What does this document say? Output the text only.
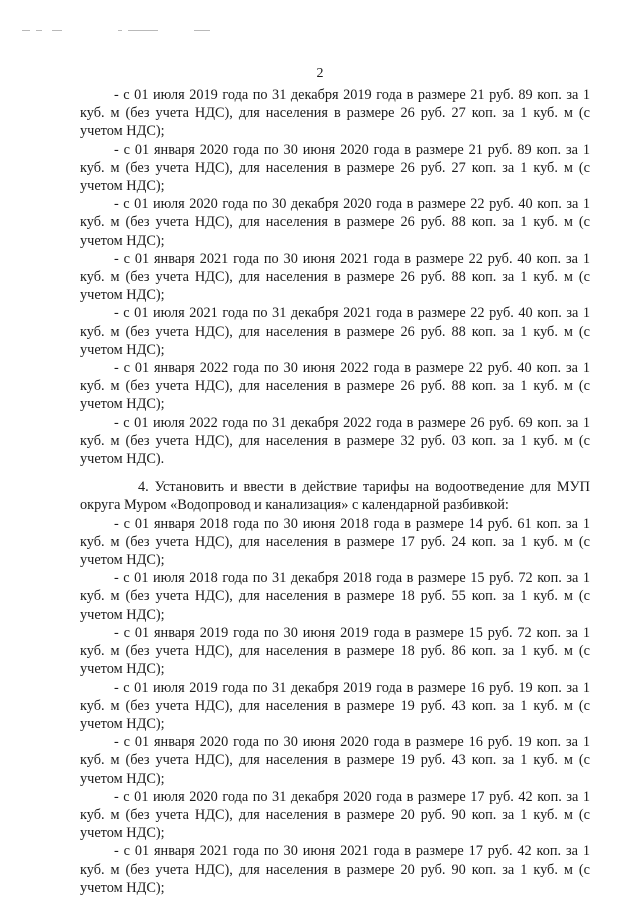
2

- с 01 июля 2019 года по 31 декабря 2019 года в размере 21 руб. 89 коп. за 1 куб. м (без учета НДС), для населения в размере 26 руб. 27 коп. за 1 куб. м (с учетом НДС);

- с 01 января 2020 года по 30 июня 2020 года в размере 21 руб. 89 коп. за 1 куб. м (без учета НДС), для населения в размере 26 руб. 27 коп. за 1 куб. м (с учетом НДС);

- с 01 июля 2020 года по 30 декабря 2020 года в размере 22 руб. 40 коп. за 1 куб. м (без учета НДС), для населения в размере 26 руб. 88 коп. за 1 куб. м (с учетом НДС);

- с 01 января 2021 года по 30 июня 2021 года в размере 22 руб. 40 коп. за 1 куб. м (без учета НДС), для населения в размере 26 руб. 88 коп. за 1 куб. м (с учетом НДС);

- с 01 июля 2021 года по 31 декабря 2021 года в размере 22 руб. 40 коп. за 1 куб. м (без учета НДС), для населения в размере 26 руб. 88 коп. за 1 куб. м (с учетом НДС);

- с 01 января 2022 года по 30 июня 2022 года в размере 22 руб. 40 коп. за 1 куб. м (без учета НДС), для населения в размере 26 руб. 88 коп. за 1 куб. м (с учетом НДС);

- с 01 июля 2022 года по 31 декабря 2022 года в размере 26 руб. 69 коп. за 1 куб. м (без учета НДС), для населения в размере 32 руб. 03 коп. за 1 куб. м (с учетом НДС).

4. Установить и ввести в действие тарифы на водоотведение для МУП округа Муром «Водопровод и канализация» с календарной разбивкой:

- с 01 января 2018 года по 30 июня 2018 года в размере 14 руб. 61 коп. за 1 куб. м (без учета НДС), для населения в размере 17 руб. 24 коп. за 1 куб. м (с учетом НДС);

- с 01 июля 2018 года по 31 декабря 2018 года в размере 15 руб. 72 коп. за 1 куб. м (без учета НДС), для населения в размере 18 руб. 55 коп. за 1 куб. м (с учетом НДС);

- с 01 января 2019 года по 30 июня 2019 года в размере 15 руб. 72 коп. за 1 куб. м (без учета НДС), для населения в размере 18 руб. 86 коп. за 1 куб. м (с учетом НДС);

- с 01 июля 2019 года по 31 декабря 2019 года в размере 16 руб. 19 коп. за 1 куб. м (без учета НДС), для населения в размере 19 руб. 43 коп. за 1 куб. м (с учетом НДС);

- с 01 января 2020 года по 30 июня 2020 года в размере 16 руб. 19 коп. за 1 куб. м (без учета НДС), для населения в размере 19 руб. 43 коп. за 1 куб. м (с учетом НДС);

- с 01 июля 2020 года по 31 декабря 2020 года в размере 17 руб. 42 коп. за 1 куб. м (без учета НДС), для населения в размере 20 руб. 90 коп. за 1 куб. м (с учетом НДС);

- с 01 января 2021 года по 30 июня 2021 года в размере 17 руб. 42 коп. за 1 куб. м (без учета НДС), для населения в размере 20 руб. 90 коп. за 1 куб. м (с учетом НДС);
